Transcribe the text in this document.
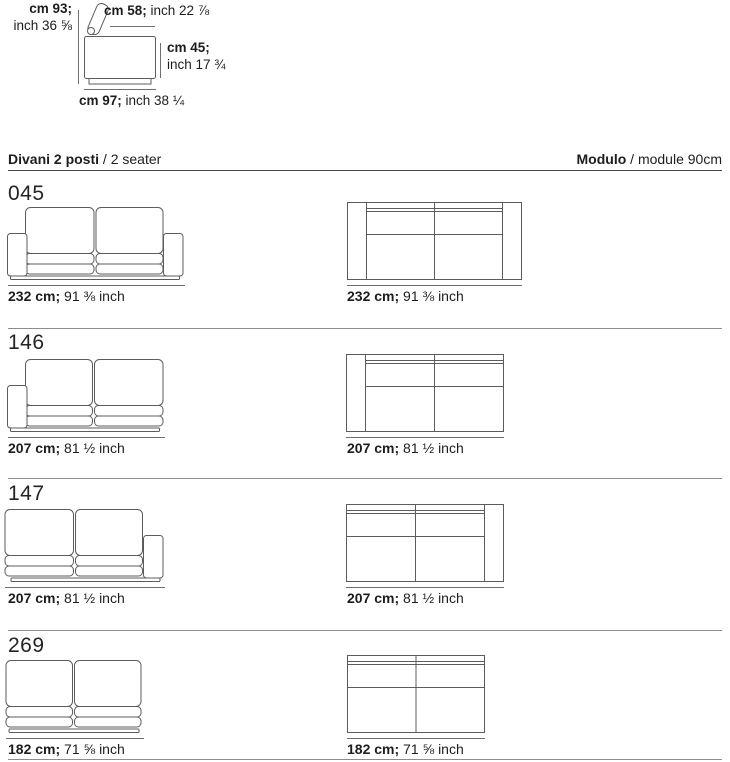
cm 93;
inch 36 ⅝
cm 58; inch 22 ⅞
cm 45;
inch 17 ¾
cm 97; inch 38 ¼
Divani 2 posti / 2 seater	Modulo / module 90cm
045
232 cm; 91 ⅜ inch	232 cm; 91 ⅜ inch
146
207 cm; 81 ½ inch	207 cm; 81 ½ inch
147
207 cm; 81 ½ inch	207 cm; 81 ½ inch
269
182 cm; 71 ⅝ inch	182 cm; 71 ⅝ inch
